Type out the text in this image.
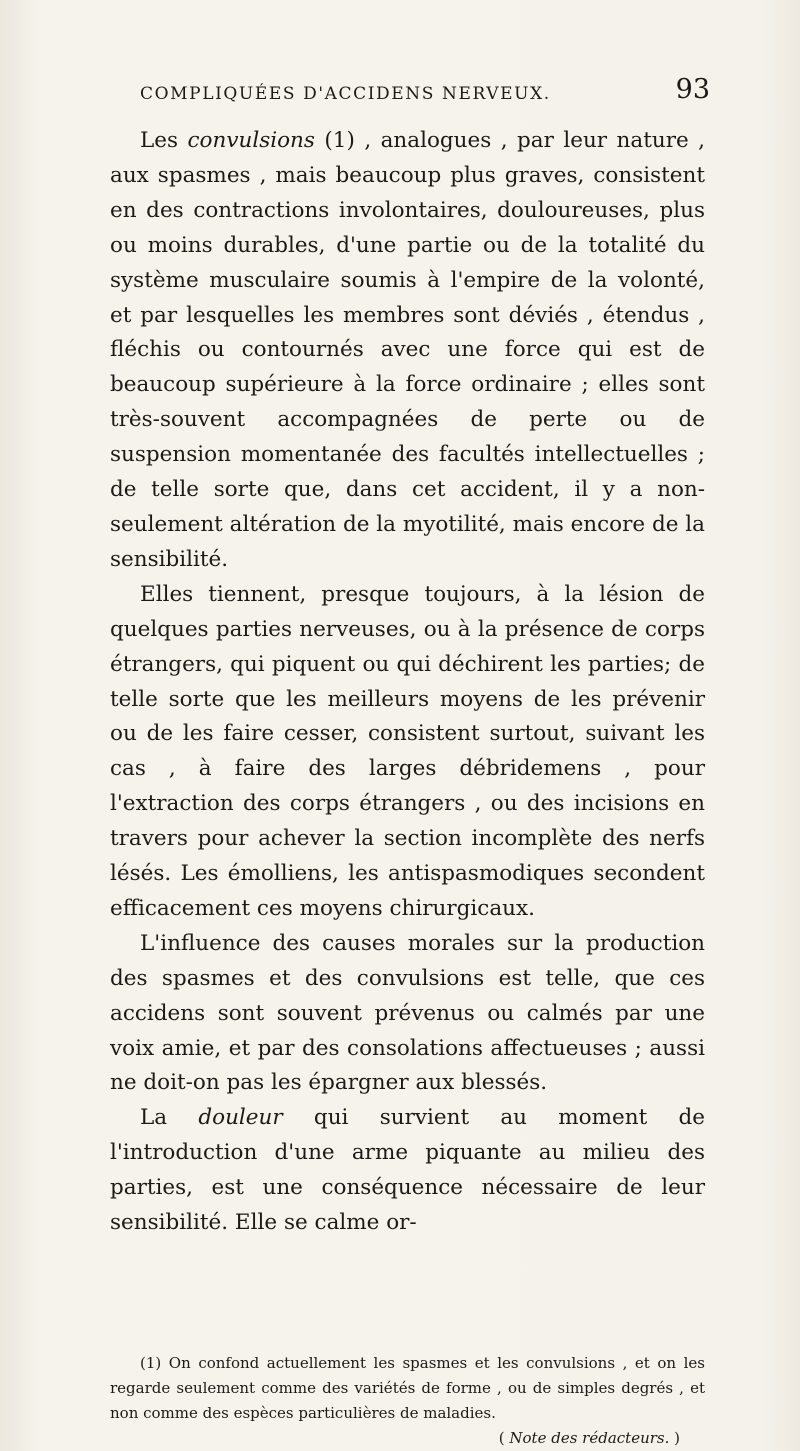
COMPLIQUÉES D'ACCIDENS NERVEUX.	93

Les convulsions (1) , analogues , par leur nature , aux spasmes , mais beaucoup plus graves, consistent en des contractions involontaires, douloureuses, plus ou moins durables, d'une partie ou de la totalité du système musculaire soumis à l'empire de la volonté, et par lesquelles les membres sont déviés , étendus , fléchis ou contournés avec une force qui est de beaucoup supérieure à la force ordinaire ; elles sont très-souvent accompagnées de perte ou de suspension momentanée des facultés intellectuelles ; de telle sorte que, dans cet accident, il y a non-seulement altération de la myotilité, mais encore de la sensibilité.

Elles tiennent, presque toujours, à la lésion de quelques parties nerveuses, ou à la présence de corps étrangers, qui piquent ou qui déchirent les parties; de telle sorte que les meilleurs moyens de les prévenir ou de les faire cesser, consistent surtout, suivant les cas , à faire des larges débridemens , pour l'extraction des corps étrangers , ou des incisions en travers pour achever la section incomplète des nerfs lésés. Les émolliens, les antispasmodiques secondent efficacement ces moyens chirurgicaux.

L'influence des causes morales sur la production des spasmes et des convulsions est telle, que ces accidens sont souvent prévenus ou calmés par une voix amie, et par des consolations affectueuses ; aussi ne doit-on pas les épargner aux blessés.

La douleur qui survient au moment de l'introduction d'une arme piquante au milieu des parties, est une conséquence nécessaire de leur sensibilité. Elle se calme or-

(1) On confond actuellement les spasmes et les convulsions , et on les regarde seulement comme des variétés de forme , ou de simples degrés , et non comme des espèces particulières de maladies.

( Note des rédacteurs. )
